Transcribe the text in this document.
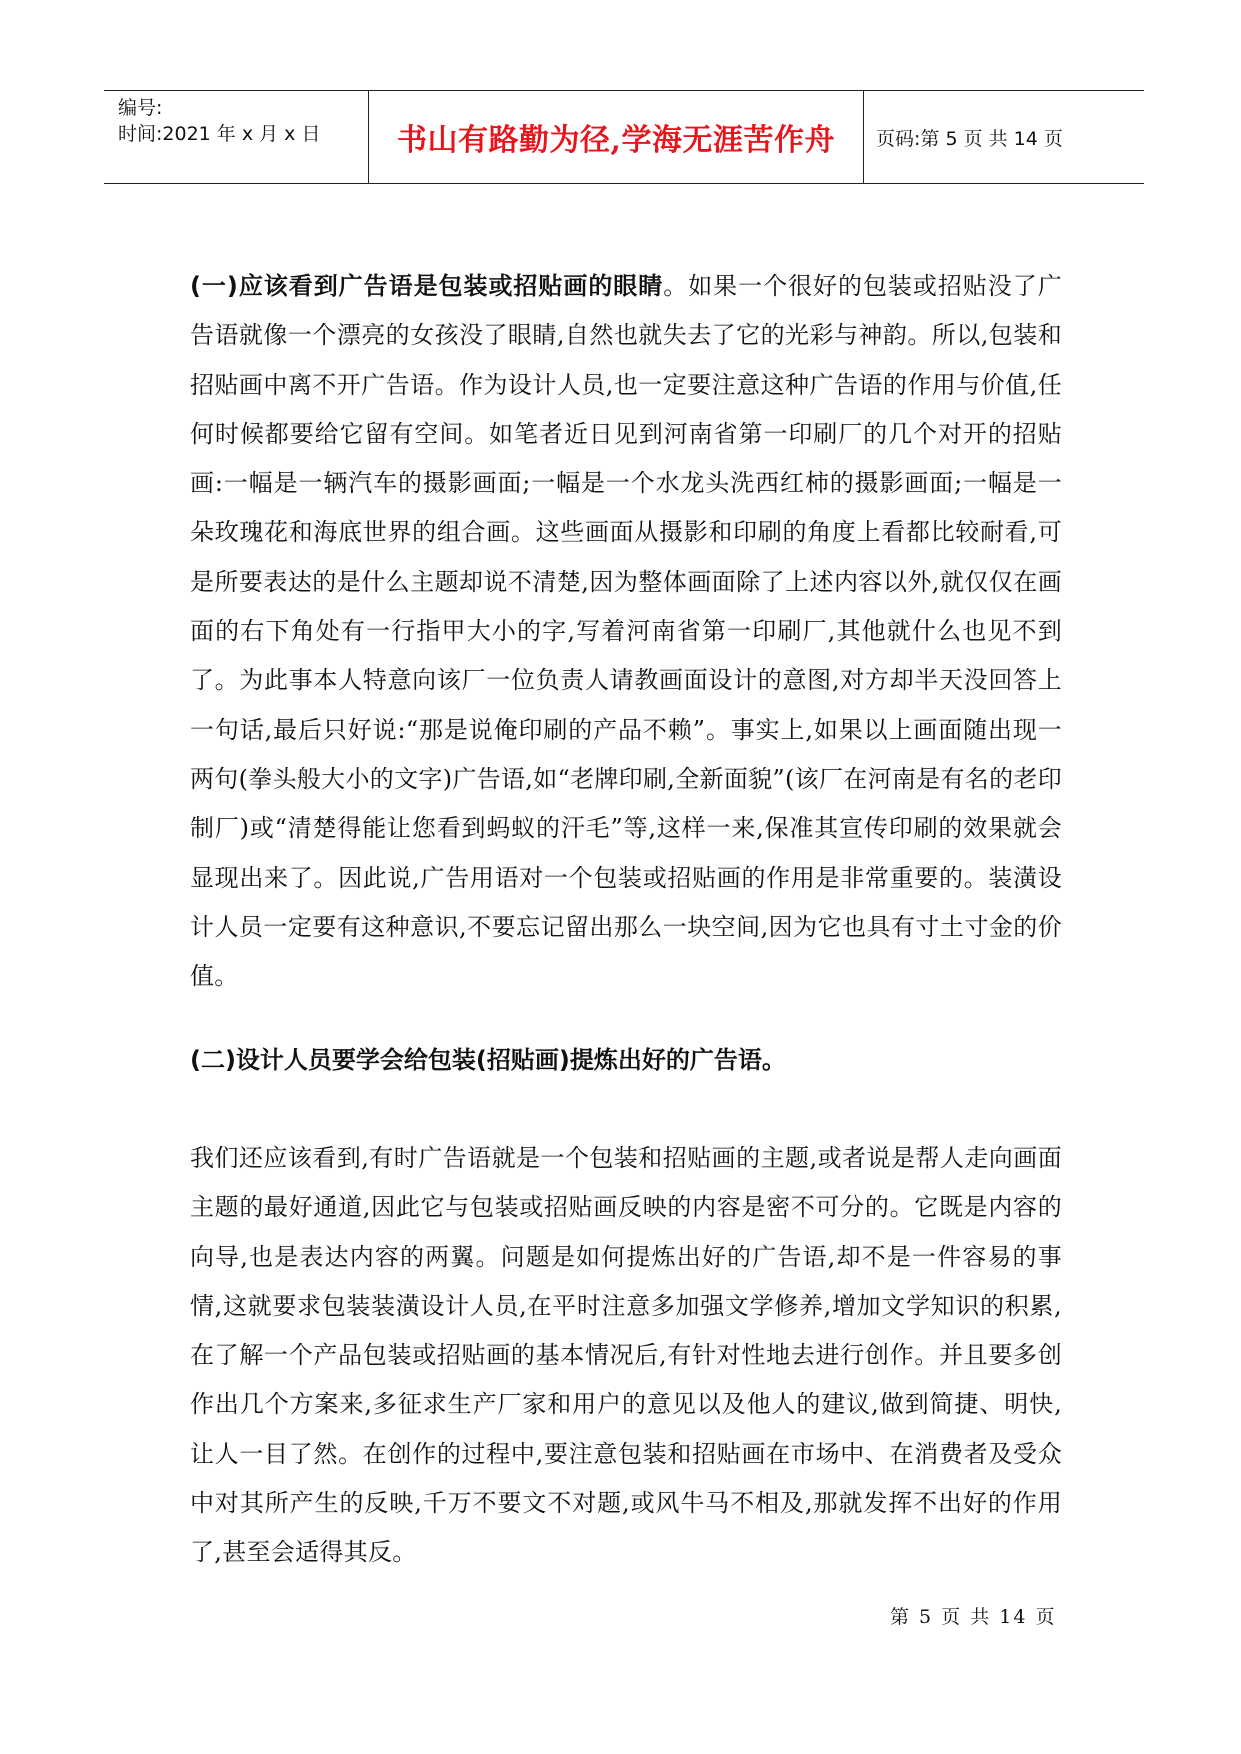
编号:
时间:2021 年 x 月 x 日	书山有路勤为径,学海无涯苦作舟 页码:第 5 页 共 14 页

(一)应该看到广告语是包装或招贴画的眼睛。如果一个很好的包装或招贴没了广告语就像一个漂亮的女孩没了眼睛,自然也就失去了它的光彩与神韵。所以,包装和招贴画中离不开广告语。作为设计人员,也一定要注意这种广告语的作用与价值,任何时候都要给它留有空间。如笔者近日见到河南省第一印刷厂的几个对开的招贴画:一幅是一辆汽车的摄影画面;一幅是一个水龙头洗西红柿的摄影画面;一幅是一朵玫瑰花和海底世界的组合画。这些画面从摄影和印刷的角度上看都比较耐看,可是所要表达的是什么主题却说不清楚,因为整体画面除了上述内容以外,就仅仅在画面的右下角处有一行指甲大小的字,写着河南省第一印刷厂,其他就什么也见不到了。为此事本人特意向该厂一位负责人请教画面设计的意图,对方却半天没回答上一句话,最后只好说:“那是说俺印刷的产品不赖”。事实上,如果以上画面随出现一两句(拳头般大小的文字)广告语,如“老牌印刷,全新面貌”(该厂在河南是有名的老印制厂)或“清楚得能让您看到蚂蚁的汗毛”等,这样一来,保准其宣传印刷的效果就会显现出来了。因此说,广告用语对一个包装或招贴画的作用是非常重要的。装潢设计人员一定要有这种意识,不要忘记留出那么一块空间,因为它也具有寸土寸金的价值。

(二)设计人员要学会给包装(招贴画)提炼出好的广告语。

我们还应该看到,有时广告语就是一个包装和招贴画的主题,或者说是帮人走向画面主题的最好通道,因此它与包装或招贴画反映的内容是密不可分的。它既是内容的向导,也是表达内容的两翼。问题是如何提炼出好的广告语,却不是一件容易的事情,这就要求包装装潢设计人员,在平时注意多加强文学修养,增加文学知识的积累,在了解一个产品包装或招贴画的基本情况后,有针对性地去进行创作。并且要多创作出几个方案来,多征求生产厂家和用户的意见以及他人的建议,做到简捷、明快,让人一目了然。在创作的过程中,要注意包装和招贴画在市场中、在消费者及受众中对其所产生的反映,千万不要文不对题,或风牛马不相及,那就发挥不出好的作用了,甚至会适得其反。

第 5 页 共 14 页
